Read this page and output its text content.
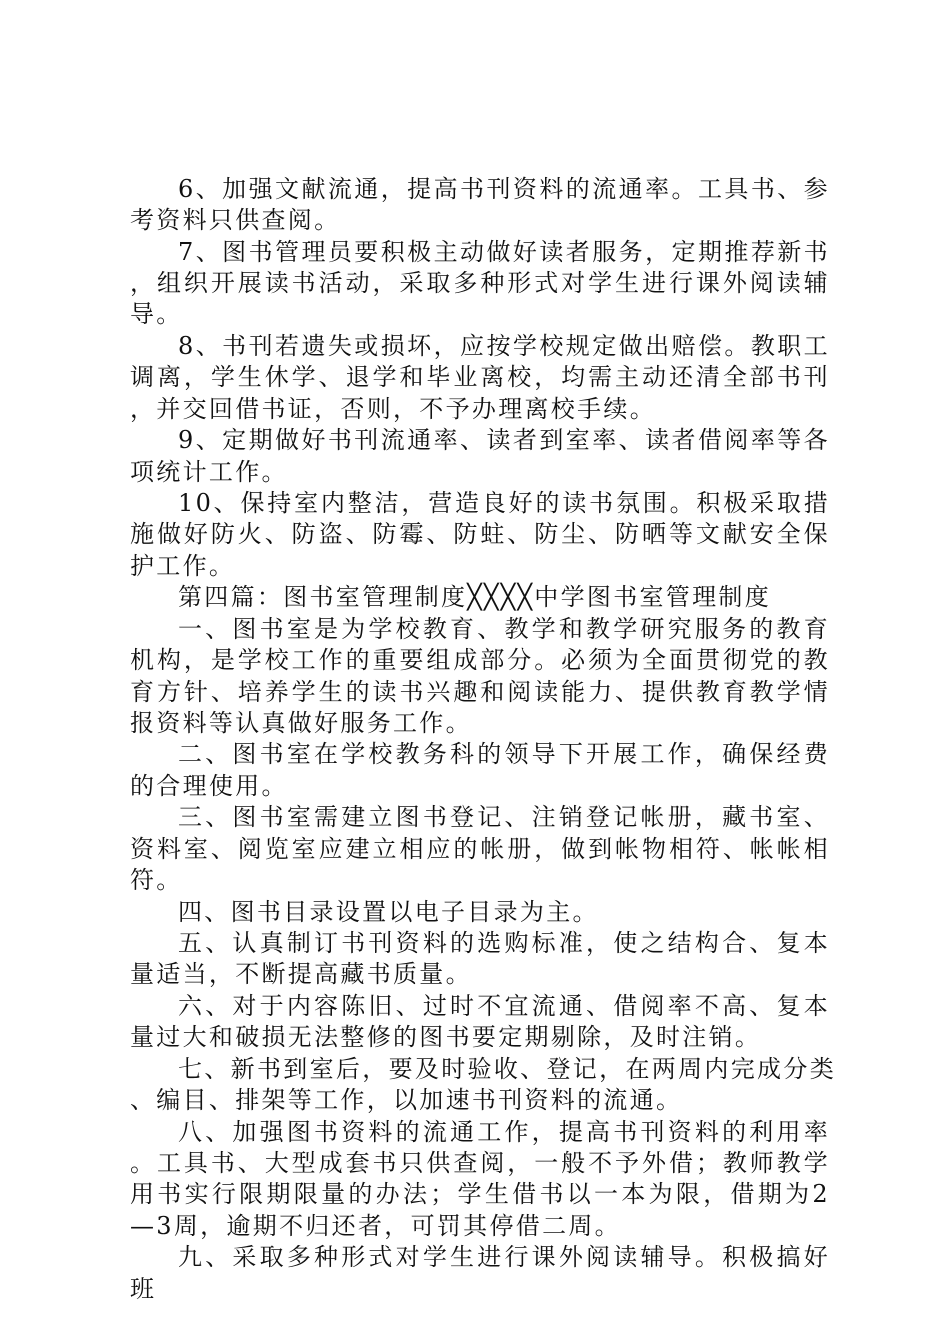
6、加强文献流通，提高书刊资料的流通率。工具书、参考资料只供查阅。

7、图书管理员要积极主动做好读者服务，定期推荐新书，组织开展读书活动，采取多种形式对学生进行课外阅读辅导。

8、书刊若遗失或损坏，应按学校规定做出赔偿。教职工调离，学生休学、退学和毕业离校，均需主动还清全部书刊，并交回借书证，否则，不予办理离校手续。

9、定期做好书刊流通率、读者到室率、读者借阅率等各项统计工作。

10、保持室内整洁，营造良好的读书氛围。积极采取措施做好防火、防盗、防霉、防蛀、防尘、防晒等文献安全保护工作。

第四篇：图书室管理制度╳╳╳╳中学图书室管理制度

一、图书室是为学校教育、教学和教学研究服务的教育机构，是学校工作的重要组成部分。必须为全面贯彻党的教育方针、培养学生的读书兴趣和阅读能力、提供教育教学情报资料等认真做好服务工作。

二、图书室在学校教务科的领导下开展工作，确保经费的合理使用。

三、图书室需建立图书登记、注销登记帐册，藏书室、资料室、阅览室应建立相应的帐册，做到帐物相符、帐帐相符。

四、图书目录设置以电子目录为主。

五、认真制订书刊资料的选购标准，使之结构合、复本量适当，不断提高藏书质量。

六、对于内容陈旧、过时不宜流通、借阅率不高、复本量过大和破损无法整修的图书要定期剔除，及时注销。

七、新书到室后，要及时验收、登记，在两周内完成分类、编目、排架等工作，以加速书刊资料的流通。

八、加强图书资料的流通工作，提高书刊资料的利用率。工具书、大型成套书只供查阅，一般不予外借；教师教学用书实行限期限量的办法；学生借书以一本为限，借期为2—3周，逾期不归还者，可罚其停借二周。

九、采取多种形式对学生进行课外阅读辅导。积极搞好班
